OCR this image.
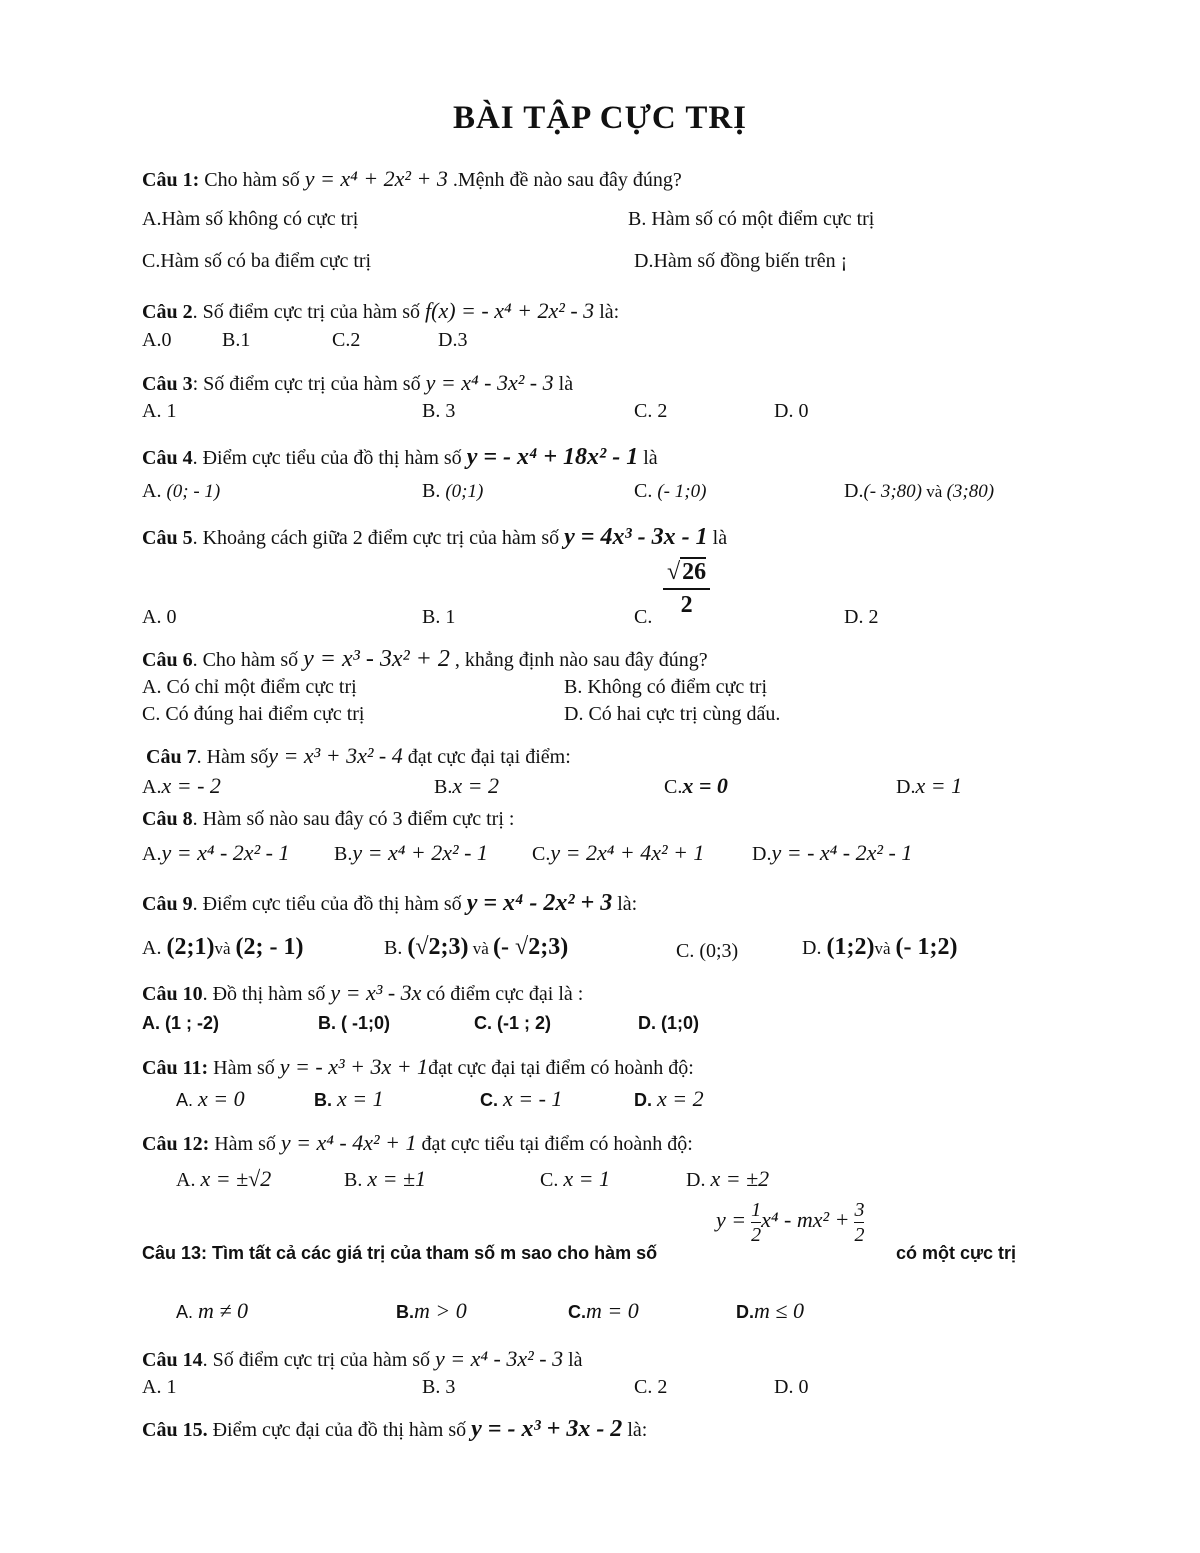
BÀI TẬP CỰC TRỊ
Câu 1: Cho hàm số y = x⁴ + 2x² + 3 .Mệnh đề nào sau đây đúng?
A.Hàm số không có cực trị	B. Hàm số có một điểm cực trị
C.Hàm số có ba điểm cực trị	D.Hàm số đồng biến trên ¡
Câu 2. Số điểm cực trị của hàm số f(x) = - x⁴ + 2x² - 3 là:
A.0	B.1	C.2	D.3
Câu 3: Số điểm cực trị của hàm số y = x⁴ - 3x² - 3 là
A. 1	B. 3	C. 2	D. 0
Câu 4. Điểm cực tiểu của đồ thị hàm số y = - x⁴ + 18x² - 1 là
A. (0; - 1)	B. (0;1)	C. (- 1;0)	D.(- 3;80) và (3;80)
Câu 5. Khoảng cách giữa 2 điểm cực trị của hàm số y = 4x³ - 3x - 1 là
$\frac{√26}{2}$
A. 0	B. 1	C.	D. 2
Câu 6. Cho hàm số y = x³ - 3x² + 2 , khẳng định nào sau đây đúng?
A. Có chỉ một điểm cực trị	B. Không có điểm cực trị
C. Có đúng hai điểm cực trị	D. Có hai cực trị cùng dấu.
Câu 7. Hàm sốy = x³ + 3x² - 4 đạt cực đại tại điểm:
A.x = - 2	B.x = 2	C.x = 0	D.x = 1
Câu 8. Hàm số nào sau đây có 3 điểm cực trị :
A.y = x⁴ - 2x² - 1 B.y = x⁴ + 2x² - 1 C.y = 2x⁴ + 4x² + 1 D.y = - x⁴ - 2x² - 1
Câu 9. Điểm cực tiểu của đồ thị hàm số y = x⁴ - 2x² + 3 là:
A. (2;1)và (2; - 1)	B. (√2;3) và (- √2;3)	C. (0;3)	D. (1;2)và (- 1;2)
Câu 10. Đồ thị hàm số y = x³ - 3x có điểm cực đại là :
A. (1 ; -2)	B. ( -1;0)	C. (-1 ; 2)	D. (1;0)
Câu 11: Hàm số y = - x³ + 3x + 1đạt cực đại tại điểm có hoành độ:
A. x = 0	B. x = 1	C. x = - 1	D. x = 2
Câu 12: Hàm số y = x⁴ - 4x² + 1 đạt cực tiểu tại điểm có hoành độ:
A. x = ±√2	B. x = ±1	C. x = 1	D. x = ±2
Câu 13: Tìm tất cả các giá trị của tham số m sao cho hàm số
$y = \frac{1}{2} x^4 - mx^2 + \frac{3}{2}$
có một cực trị
A. m ≠ 0	B.m > 0	C.m = 0	D.m ≤ 0
Câu 14. Số điểm cực trị của hàm số y = x⁴ - 3x² - 3 là
A. 1	B. 3	C. 2	D. 0
Câu 15. Điểm cực đại của đồ thị hàm số y = - x³ + 3x - 2 là:
